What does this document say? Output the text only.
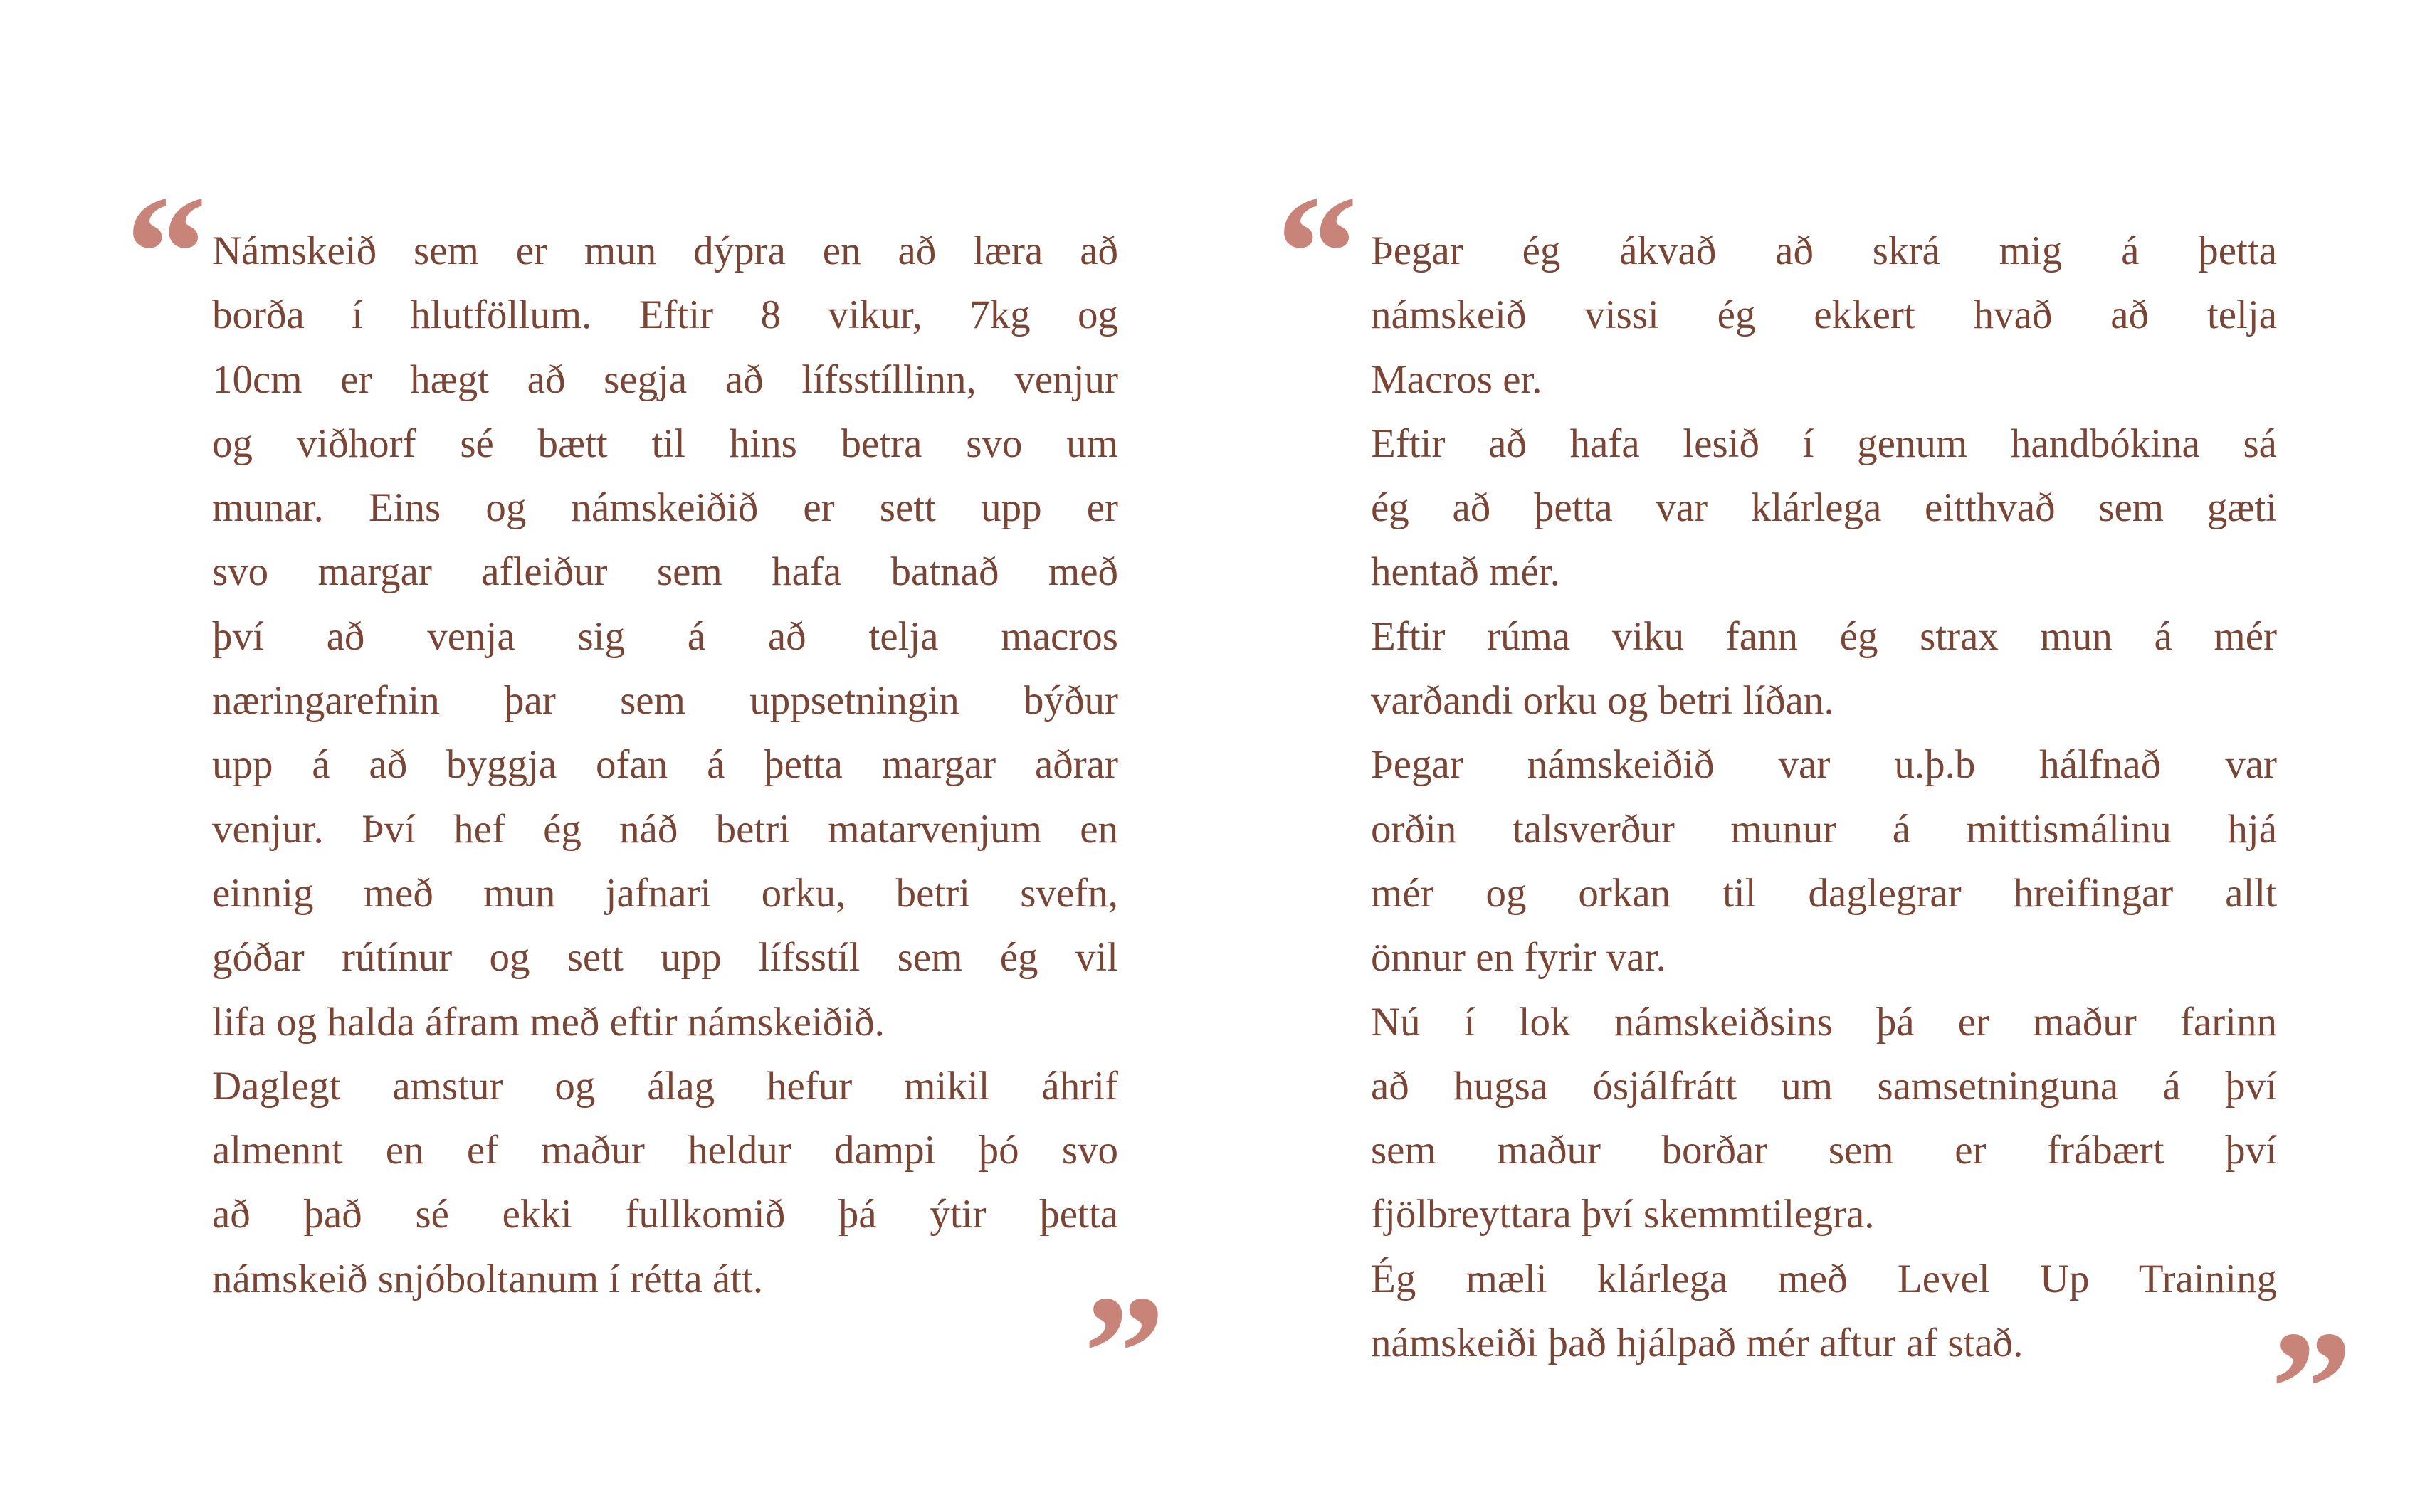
“ Námskeið sem er mun dýpra en að læra að
borða í hlutföllum. Eftir 8 vikur, 7kg og
10cm er hægt að segja að lífsstíllinn, venjur
og viðhorf sé bætt til hins betra svo um
munar. Eins og námskeiðið er sett upp er
svo margar afleiður sem hafa batnað með
því að venja sig á að telja macros
næringarefnin þar sem uppsetningin býður
upp á að byggja ofan á þetta margar aðrar
venjur. Því hef ég náð betri matarvenjum en
einnig með mun jafnari orku, betri svefn,
góðar rútínur og sett upp lífsstíl sem ég vil
lifa og halda áfram með eftir námskeiðið.
Daglegt amstur og álag hefur mikil áhrif
almennt en ef maður heldur dampi þó svo
að það sé ekki fullkomið þá ýtir þetta
námskeið snjóboltanum í rétta átt.	”
“ Þegar ég ákvað að skrá mig á þetta
námskeið vissi ég ekkert hvað að telja
Macros er.
Eftir að hafa lesið í genum handbókina sá
ég að þetta var klárlega eitthvað sem gæti
hentað mér.
Eftir rúma viku fann ég strax mun á mér
varðandi orku og betri líðan.
Þegar námskeiðið var u.þ.b hálfnað var
orðin talsverður munur á mittismálinu hjá
mér og orkan til daglegrar hreifingar allt
önnur en fyrir var.
Nú í lok námskeiðsins þá er maður farinn
að hugsa ósjálfrátt um samsetninguna á því
sem maður borðar sem er frábært því
fjölbreyttara því skemmtilegra.
Ég mæli klárlega með Level Up Training
námskeiði það hjálpað mér aftur af stað.	”
